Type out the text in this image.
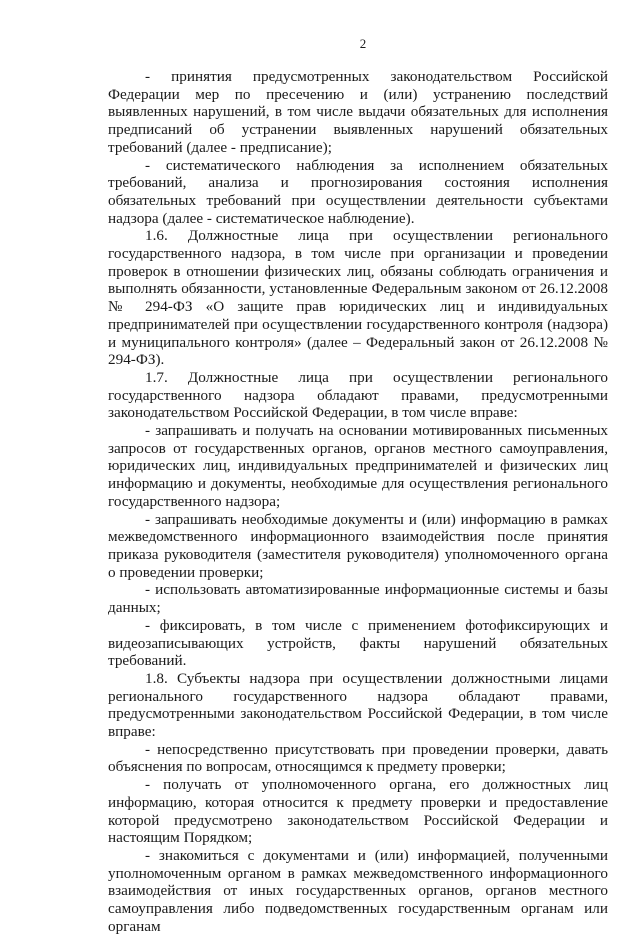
2

- принятия предусмотренных законодательством Российской Федерации мер по пресечению и (или) устранению последствий выявленных нарушений, в том числе выдачи обязательных для исполнения предписаний об устранении выявленных нарушений обязательных требований (далее - предписание);

- систематического наблюдения за исполнением обязательных требований, анализа и прогнозирования состояния исполнения обязательных требований при осуществлении деятельности субъектами надзора (далее - систематическое наблюдение).

1.6. Должностные лица при осуществлении регионального государственного надзора, в том числе при организации и проведении проверок в отношении физических лиц, обязаны соблюдать ограничения и выполнять обязанности, установленные Федеральным законом от 26.12.2008 № 294-ФЗ «О защите прав юридических лиц и индивидуальных предпринимателей при осуществлении государственного контроля (надзора) и муниципального контроля» (далее – Федеральный закон от 26.12.2008 № 294-ФЗ).

1.7. Должностные лица при осуществлении регионального государственного надзора обладают правами, предусмотренными законодательством Российской Федерации, в том числе вправе:

- запрашивать и получать на основании мотивированных письменных запросов от государственных органов, органов местного самоуправления, юридических лиц, индивидуальных предпринимателей и физических лиц информацию и документы, необходимые для осуществления регионального государственного надзора;

- запрашивать необходимые документы и (или) информацию в рамках межведомственного информационного взаимодействия после принятия приказа руководителя (заместителя руководителя) уполномоченного органа о проведении проверки;

- использовать автоматизированные информационные системы и базы данных;

- фиксировать, в том числе с применением фотофиксирующих и видеозаписывающих устройств, факты нарушений обязательных требований.

1.8. Субъекты надзора при осуществлении должностными лицами регионального государственного надзора обладают правами, предусмотренными законодательством Российской Федерации, в том числе вправе:

- непосредственно присутствовать при проведении проверки, давать объяснения по вопросам, относящимся к предмету проверки;

- получать от уполномоченного органа, его должностных лиц информацию, которая относится к предмету проверки и предоставление которой предусмотрено законодательством Российской Федерации и настоящим Порядком;

- знакомиться с документами и (или) информацией, полученными уполномоченным органом в рамках межведомственного информационного взаимодействия от иных государственных органов, органов местного самоуправления либо подведомственных государственным органам или органам
